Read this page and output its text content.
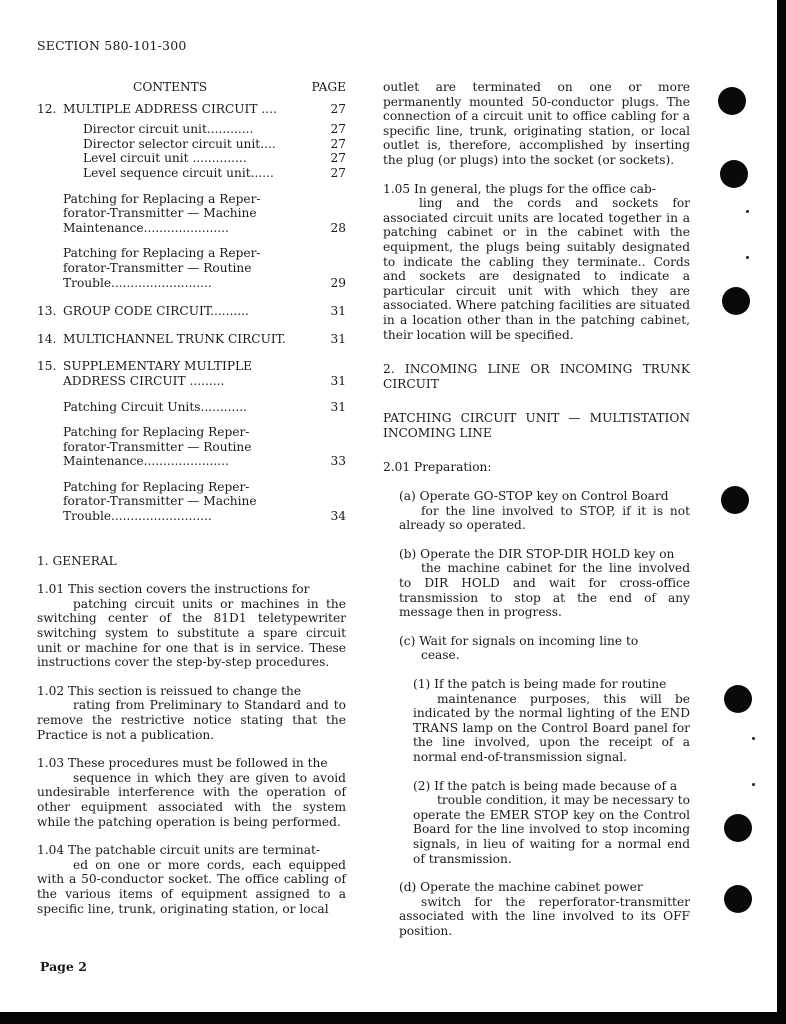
SECTION 580-101-300
CONTENTS	PAGE
12. MULTIPLE ADDRESS CIRCUIT ....	27
Director circuit unit............	27
Director selector circuit unit....	27
Level circuit unit ..............	27
Level sequence circuit unit......	27
Patching for Replacing a Reper-
forator-Transmitter — Machine
Maintenance......................	28
Patching for Replacing a Reper-
forator-Transmitter — Routine
Trouble..........................	29
13. GROUP CODE CIRCUIT..........	31
14. MULTICHANNEL TRUNK CIRCUIT.	31
15. SUPPLEMENTARY MULTIPLE
ADDRESS CIRCUIT .........	31
Patching Circuit Units............	31
Patching for Replacing Reper-
forator-Transmitter — Routine
Maintenance......................	33
Patching for Replacing Reper-
forator-Transmitter — Machine
Trouble..........................	34
1. GENERAL

1.01 This section covers the instructions for

patching circuit units or machines in the switching center of the 81D1 teletypewriter switching system to substitute a spare circuit unit or machine for one that is in service. These instructions cover the step-by-step procedures.

1.02 This section is reissued to change the

rating from Preliminary to Standard and to remove the restrictive notice stating that the Practice is not a publication.

1.03 These procedures must be followed in the

sequence in which they are given to avoid undesirable interference with the operation of other equipment associated with the system while the patching operation is being performed.

1.04 The patchable circuit units are terminat-

ed on one or more cords, each equipped with a 50-conductor socket. The office cabling of the various items of equipment assigned to a specific line, trunk, originating station, or local

outlet are terminated on one or more permanently mounted 50-conductor plugs. The connection of a circuit unit to office cabling for a specific line, trunk, originating station, or local outlet is, therefore, accomplished by inserting the plug (or plugs) into the socket (or sockets).

1.05 In general, the plugs for the office cab-

ling and the cords and sockets for associated circuit units are located together in a patching cabinet or in the cabinet with the equipment, the plugs being suitably designated to indicate the cabling they terminate.. Cords and sockets are designated to indicate a particular circuit unit with which they are associated. Where patching facilities are situated in a location other than in the patching cabinet, their location will be specified.

2. INCOMING LINE OR INCOMING TRUNK CIRCUIT

PATCHING CIRCUIT UNIT — MULTISTATION INCOMING LINE

2.01 Preparation:

(a) Operate GO-STOP key on Control Board

for the line involved to STOP, if it is not already so operated.

(b) Operate the DIR STOP-DIR HOLD key on

the machine cabinet for the line involved to DIR HOLD and wait for cross-office transmission to stop at the end of any message then in progress.

(c) Wait for signals on incoming line to

cease.

(1) If the patch is being made for routine

maintenance purposes, this will be indicated by the normal lighting of the END TRANS lamp on the Control Board panel for the line involved, upon the receipt of a normal end-of-transmission signal.

(2) If the patch is being made because of a

trouble condition, it may be necessary to operate the EMER STOP key on the Control Board for the line involved to stop incoming signals, in lieu of waiting for a normal end of transmission.

(d) Operate the machine cabinet power

switch for the reperforator-transmitter associated with the line involved to its OFF position.

Page 2
